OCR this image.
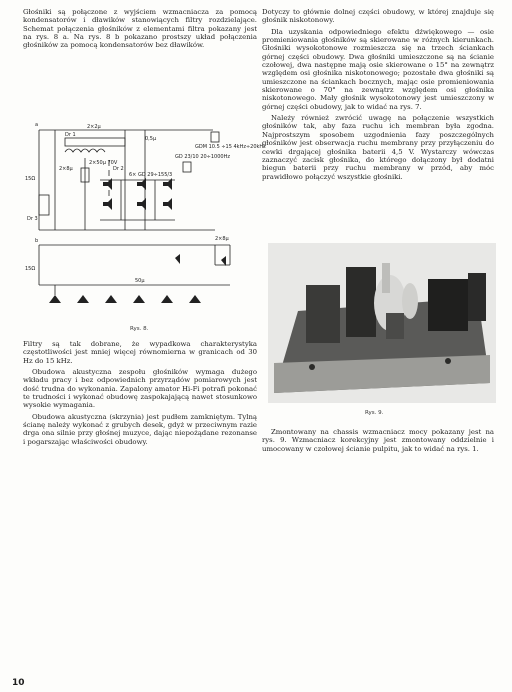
Głośniki są połączone z wyjściem wzmacniacza za pomocą kondensatorów i dławików stanowiących filtry rozdzielające. Schemat połączenia głośników z elementami filtra pokazany jest na rys. 8 a. Na rys. 8 b pokazano prostszy układ połączenia głośników za pomocą kondensatorów bez dławików.

a
b
15Ω
15Ω
2×2μ
2×8μ
2×50μ 70V
Dr 1
Dr 2
Dr 3
GDM 10.5 ÷15 4kHz÷20kHz
GD 23/10 20÷1000Hz
6× GD 29÷155/3
0,5μ
2×8μ
50μ
Rys. 8.

Filtry są tak dobrane, że wypadkowa charakterystyka częstotliwości jest mniej więcej równomierna w granicach od 30 Hz do 15 kHz.

Obudowa akustyczna zespołu głośników wymaga dużego wkładu pracy i bez odpowiednich przyrządów pomiarowych jest dość trudna do wykonania. Zapalony amator Hi-Fi potrafi pokonać te trudności i wykonać obudowę zaspokajającą nawet stosunkowo wysokie wymagania.

Obudowa akustyczna (skrzynia) jest pudłem zamkniętym. Tylną ścianę należy wykonać z grubych desek, gdyż w przeciwnym razie drga ona silnie przy głośnej muzyce, dając niepożądane rezonanse i pogarszając właściwości obudowy.

Dotyczy to głównie dolnej części obudowy, w której znajduje się głośnik niskotonowy.

Dla uzyskania odpowiedniego efektu dźwiękowego — osie promieniowania głośników są skierowane w różnych kierunkach. Głośniki wysokotonowe rozmieszcza się na trzech ściankach górnej części obudowy. Dwa głośniki umieszczone są na ścianie czołowej, dwa następne mają osie skierowane o 15° na zewnątrz względem osi głośnika niskotonowego; pozostałe dwa głośniki są umieszczone na ściankach bocznych, mając osie promieniowania skierowane o 70° na zewnątrz względem osi głośnika niskotonowego. Mały głośnik wysokotonowy jest umieszczony w górnej części obudowy, jak to widać na rys. 7.

Należy również zwrócić uwagę na połączenie wszystkich głośników tak, aby faza ruchu ich membran była zgodna. Najprostszym sposobem uzgodnienia fazy poszczególnych głośników jest obserwacja ruchu membrany przy przyłączeniu do cewki drgającej głośnika baterii 4,5 V. Wystarczy wówczas zaznaczyć zacisk głośnika, do którego dołączony był dodatni biegun baterii przy ruchu membrany w przód, aby móc prawidłowo połączyć wszystkie głośniki.

Rys. 9.

Zmontowany na chassis wzmacniacz mocy pokazany jest na rys. 9. Wzmacniacz korekcyjny jest zmontowany oddzielnie i umocowany w czołowej ścianie pulpitu, jak to widać na rys. 1.

10
